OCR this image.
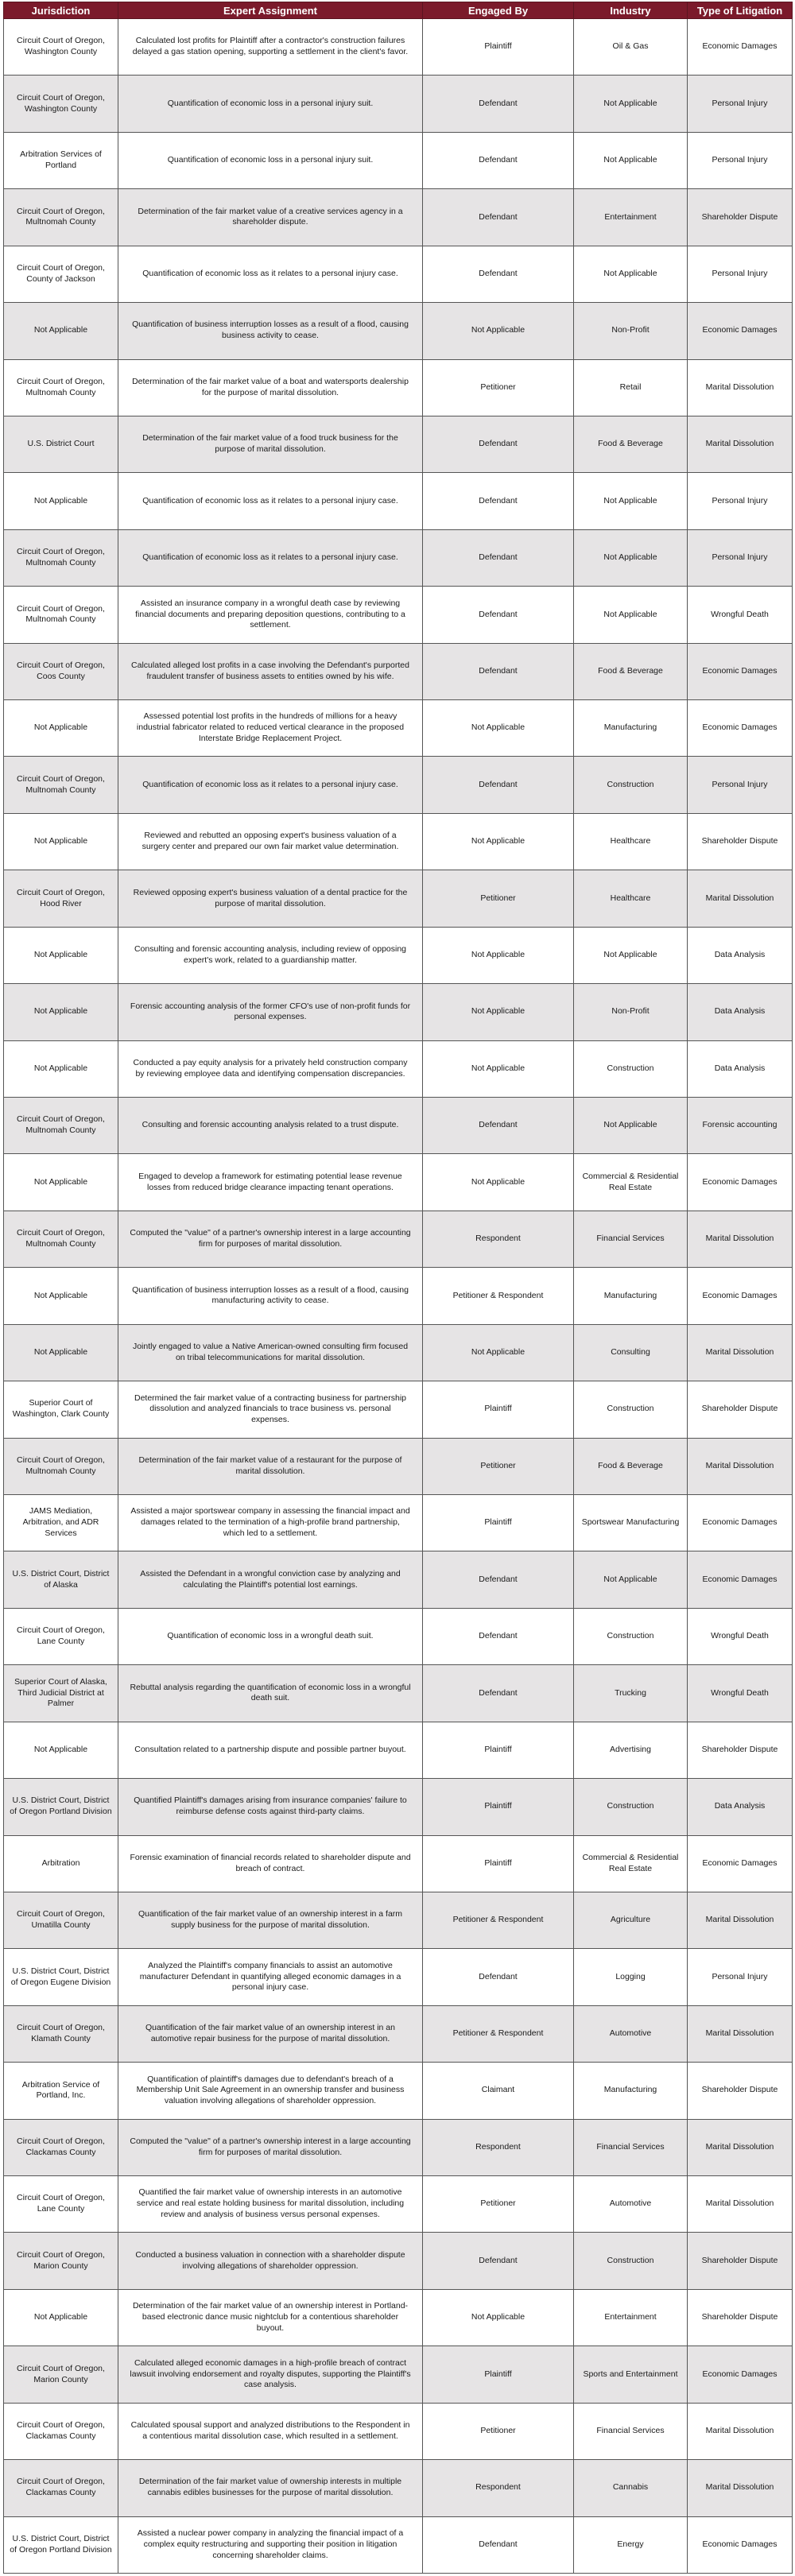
Jurisdiction	Expert Assignment	Engaged By	Industry	Type of Litigation
Circuit Court of Oregon, Washington County	Calculated lost profits for Plaintiff after a contractor's construction failures delayed a gas station opening, supporting a settlement in the client's favor.	Plaintiff	Oil & Gas	Economic Damages
Circuit Court of Oregon, Washington County	Quantification of economic loss in a personal injury suit.	Defendant	Not Applicable	Personal Injury
Arbitration Services of Portland	Quantification of economic loss in a personal injury suit.	Defendant	Not Applicable	Personal Injury
Circuit Court of Oregon, Multnomah County	Determination of the fair market value of a creative services agency in a shareholder dispute.	Defendant	Entertainment	Shareholder Dispute
Circuit Court of Oregon, County of Jackson	Quantification of economic loss as it relates to a personal injury case.	Defendant	Not Applicable	Personal Injury
Not Applicable	Quantification of business interruption losses as a result of a flood, causing business activity to cease.	Not Applicable	Non-Profit	Economic Damages
Circuit Court of Oregon, Multnomah County	Determination of the fair market value of a boat and watersports dealership for the purpose of marital dissolution.	Petitioner	Retail	Marital Dissolution
U.S. District Court	Determination of the fair market value of a food truck business for the purpose of marital dissolution.	Defendant	Food & Beverage	Marital Dissolution
Not Applicable	Quantification of economic loss as it relates to a personal injury case.	Defendant	Not Applicable	Personal Injury
Circuit Court of Oregon, Multnomah County	Quantification of economic loss as it relates to a personal injury case.	Defendant	Not Applicable	Personal Injury
Circuit Court of Oregon, Multnomah County	Assisted an insurance company in a wrongful death case by reviewing financial documents and preparing deposition questions, contributing to a settlement.	Defendant	Not Applicable	Wrongful Death
Circuit Court of Oregon, Coos County	Calculated alleged lost profits in a case involving the Defendant's purported fraudulent transfer of business assets to entities owned by his wife.	Defendant	Food & Beverage	Economic Damages
Not Applicable	Assessed potential lost profits in the hundreds of millions for a heavy industrial fabricator related to reduced vertical clearance in the proposed Interstate Bridge Replacement Project.	Not Applicable	Manufacturing	Economic Damages
Circuit Court of Oregon, Multnomah County	Quantification of economic loss as it relates to a personal injury case.	Defendant	Construction	Personal Injury
Not Applicable	Reviewed and rebutted an opposing expert's business valuation of a surgery center and prepared our own fair market value determination.	Not Applicable	Healthcare	Shareholder Dispute
Circuit Court of Oregon, Hood River	Reviewed opposing expert's business valuation of a dental practice for the purpose of marital dissolution.	Petitioner	Healthcare	Marital Dissolution
Not Applicable	Consulting and forensic accounting analysis, including review of opposing expert's work, related to a guardianship matter.	Not Applicable	Not Applicable	Data Analysis
Not Applicable	Forensic accounting analysis of the former CFO's use of non-profit funds for personal expenses.	Not Applicable	Non-Profit	Data Analysis
Not Applicable	Conducted a pay equity analysis for a privately held construction company by reviewing employee data and identifying compensation discrepancies.	Not Applicable	Construction	Data Analysis
Circuit Court of Oregon, Multnomah County	Consulting and forensic accounting analysis related to a trust dispute.	Defendant	Not Applicable	Forensic accounting
Not Applicable	Engaged to develop a framework for estimating potential lease revenue losses from reduced bridge clearance impacting tenant operations.	Not Applicable	Commercial & Residential Real Estate	Economic Damages
Circuit Court of Oregon, Multnomah County	Computed the "value" of a partner's ownership interest in a large accounting firm for purposes of marital dissolution.	Respondent	Financial Services	Marital Dissolution
Not Applicable	Quantification of business interruption losses as a result of a flood, causing manufacturing activity to cease.	Petitioner & Respondent	Manufacturing	Economic Damages
Not Applicable	Jointly engaged to value a Native American-owned consulting firm focused on tribal telecommunications for marital dissolution.	Not Applicable	Consulting	Marital Dissolution
Superior Court of Washington, Clark County	Determined the fair market value of a contracting business for partnership dissolution and analyzed financials to trace business vs. personal expenses.	Plaintiff	Construction	Shareholder Dispute
Circuit Court of Oregon, Multnomah County	Determination of the fair market value of a restaurant for the purpose of marital dissolution.	Petitioner	Food & Beverage	Marital Dissolution
JAMS Mediation, Arbitration, and ADR Services	Assisted a major sportswear company in assessing the financial impact and damages related to the termination of a high-profile brand partnership, which led to a settlement.	Plaintiff	Sportswear Manufacturing	Economic Damages
U.S. District Court, District of Alaska	Assisted the Defendant in a wrongful conviction case by analyzing and calculating the Plaintiff's potential lost earnings.	Defendant	Not Applicable	Economic Damages
Circuit Court of Oregon, Lane County	Quantification of economic loss in a wrongful death suit.	Defendant	Construction	Wrongful Death
Superior Court of Alaska, Third Judicial District at Palmer	Rebuttal analysis regarding the quantification of economic loss in a wrongful death suit.	Defendant	Trucking	Wrongful Death
Not Applicable	Consultation related to a partnership dispute and possible partner buyout.	Plaintiff	Advertising	Shareholder Dispute
U.S. District Court, District of Oregon Portland Division	Quantified Plaintiff's damages arising from insurance companies' failure to reimburse defense costs against third-party claims.	Plaintiff	Construction	Data Analysis
Arbitration	Forensic examination of financial records related to shareholder dispute and breach of contract.	Plaintiff	Commercial & Residential Real Estate	Economic Damages
Circuit Court of Oregon, Umatilla County	Quantification of the fair market value of an ownership interest in a farm supply business for the purpose of marital dissolution.	Petitioner & Respondent	Agriculture	Marital Dissolution
U.S. District Court, District of Oregon Eugene Division	Analyzed the Plaintiff's company financials to assist an automotive manufacturer Defendant in quantifying alleged economic damages in a personal injury case.	Defendant	Logging	Personal Injury
Circuit Court of Oregon, Klamath County	Quantification of the fair market value of an ownership interest in an automotive repair business for the purpose of marital dissolution.	Petitioner & Respondent	Automotive	Marital Dissolution
Arbitration Service of Portland, Inc.	Quantification of plaintiff's damages due to defendant's breach of a Membership Unit Sale Agreement in an ownership transfer and business valuation involving allegations of shareholder oppression.	Claimant	Manufacturing	Shareholder Dispute
Circuit Court of Oregon, Clackamas County	Computed the "value" of a partner's ownership interest in a large accounting firm for purposes of marital dissolution.	Respondent	Financial Services	Marital Dissolution
Circuit Court of Oregon, Lane County	Quantified the fair market value of ownership interests in an automotive service and real estate holding business for marital dissolution, including review and analysis of business versus personal expenses.	Petitioner	Automotive	Marital Dissolution
Circuit Court of Oregon, Marion County	Conducted a business valuation in connection with a shareholder dispute involving allegations of shareholder oppression.	Defendant	Construction	Shareholder Dispute
Not Applicable	Determination of the fair market value of an ownership interest in Portland-based electronic dance music nightclub for a contentious shareholder buyout.	Not Applicable	Entertainment	Shareholder Dispute
Circuit Court of Oregon, Marion County	Calculated alleged economic damages in a high-profile breach of contract lawsuit involving endorsement and royalty disputes, supporting the Plaintiff's case analysis.	Plaintiff	Sports and Entertainment	Economic Damages
Circuit Court of Oregon, Clackamas County	Calculated spousal support and analyzed distributions to the Respondent in a contentious marital dissolution case, which resulted in a settlement.	Petitioner	Financial Services	Marital Dissolution
Circuit Court of Oregon, Clackamas County	Determination of the fair market value of ownership interests in multiple cannabis edibles businesses for the purpose of marital dissolution.	Respondent	Cannabis	Marital Dissolution
U.S. District Court, District of Oregon Portland Division	Assisted a nuclear power company in analyzing the financial impact of a complex equity restructuring and supporting their position in litigation concerning shareholder claims.	Defendant	Energy	Economic Damages
